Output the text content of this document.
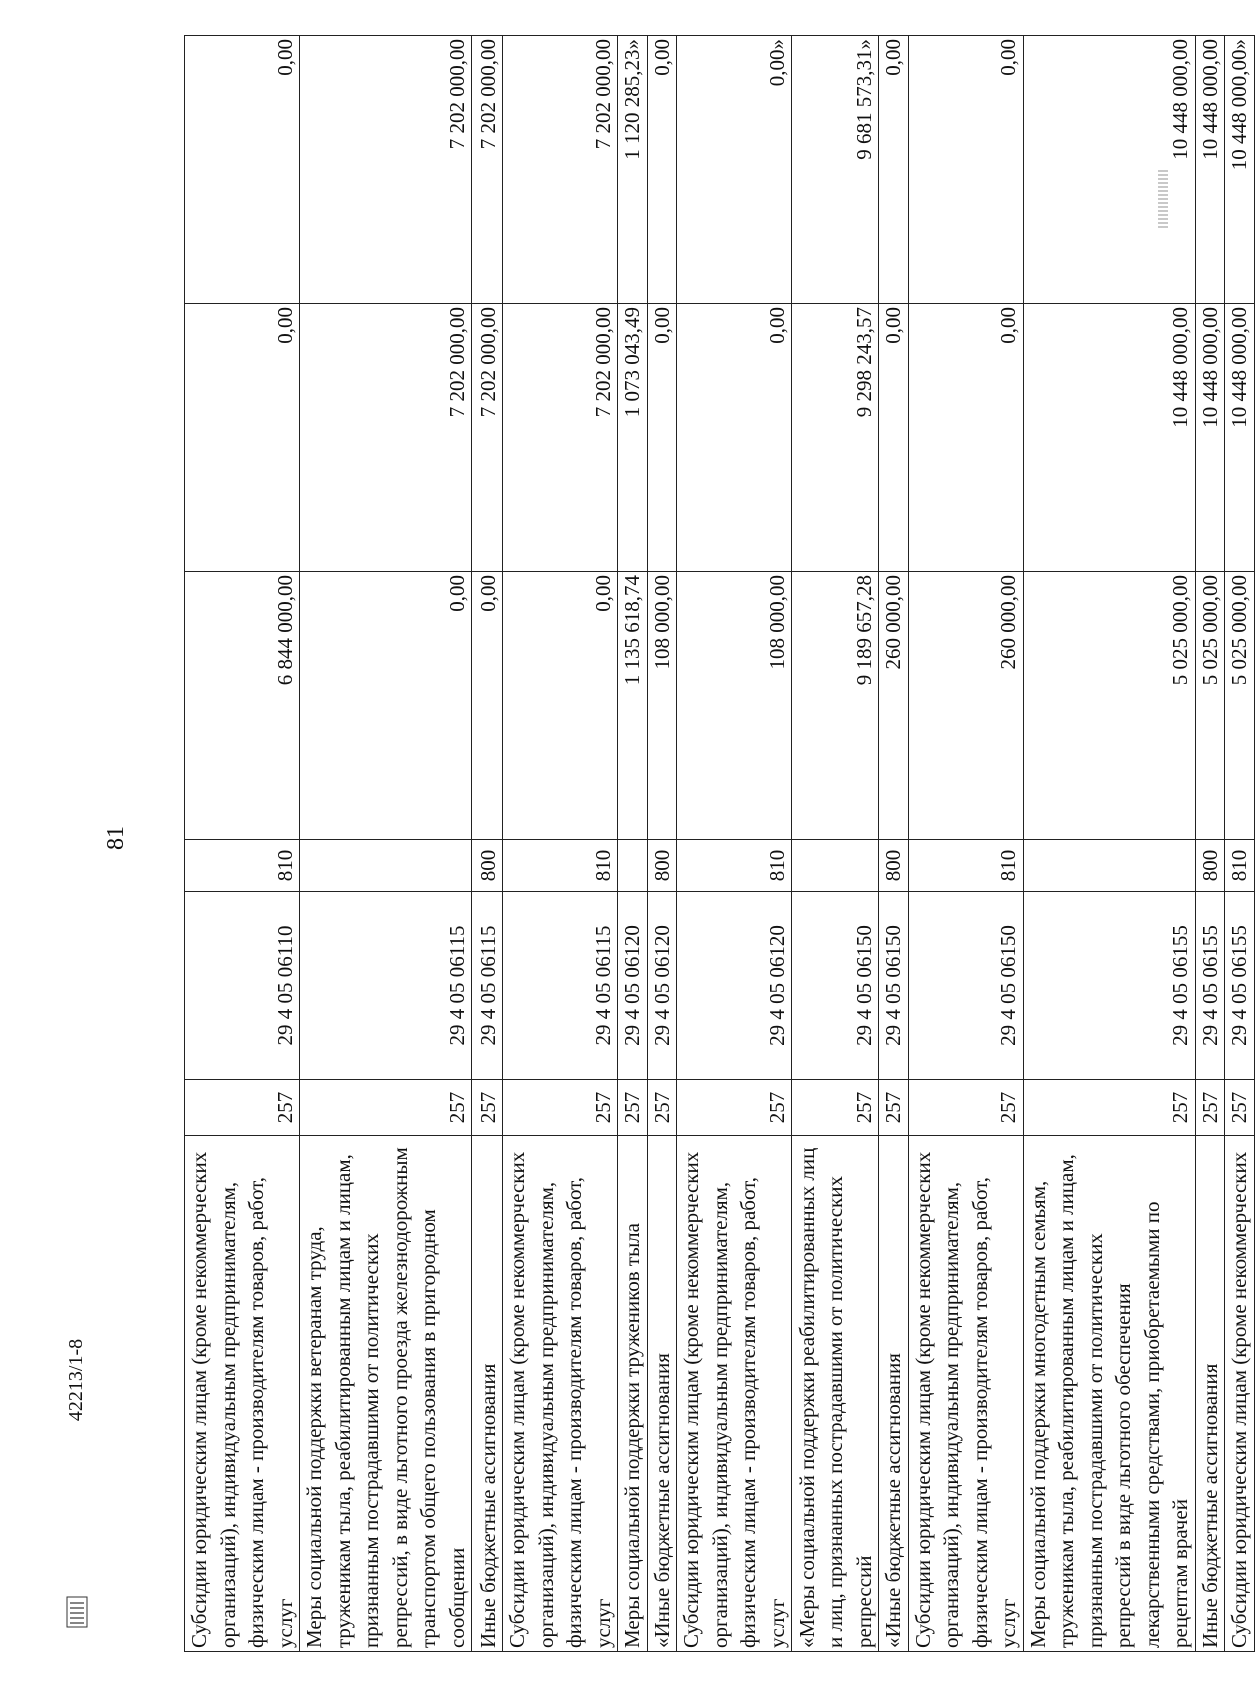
81
42213/1-8	Субсидии юридическим лицам (кроме некоммерческих организаций), индивидуальным предпринимателям, физическим лицам - производителям товаров, работ, услуг	257	29 4 05 06110	810	6 844 000,00	0,00	0,00
Меры социальной поддержки ветеранам труда, труженикам тыла, реабилитированным лицам и лицам, признанным пострадавшими от политических репрессий, в виде льготного проезда железнодорожным транспортом общего пользования в пригородном сообщении	257	29 4 05 06115		0,00	7 202 000,00	7 202 000,00
Иные бюджетные ассигнования	257	29 4 05 06115	800	0,00	7 202 000,00	7 202 000,00
Субсидии юридическим лицам (кроме некоммерческих организаций), индивидуальным предпринимателям, физическим лицам - производителям товаров, работ, услуг	257	29 4 05 06115	810	0,00	7 202 000,00	7 202 000,00
Меры социальной поддержки тружеников тыла	257	29 4 05 06120		1 135 618,74	1 073 043,49	1 120 285,23»
«Иные бюджетные ассигнования	257	29 4 05 06120	800	108 000,00	0,00	0,00
Субсидии юридическим лицам (кроме некоммерческих организаций), индивидуальным предпринимателям, физическим лицам - производителям товаров, работ, услуг	257	29 4 05 06120	810	108 000,00	0,00	0,00»
«Меры социальной поддержки реабилитированных лиц и лиц, признанных пострадавшими от политических репрессий	257	29 4 05 06150		9 189 657,28	9 298 243,57	9 681 573,31»
«Иные бюджетные ассигнования	257	29 4 05 06150	800	260 000,00	0,00	0,00
Субсидии юридическим лицам (кроме некоммерческих организаций), индивидуальным предпринимателям, физическим лицам - производителям товаров, работ, услуг	257	29 4 05 06150	810	260 000,00	0,00	0,00
Меры социальной поддержки многодетным семьям, труженикам тыла, реабилитированным лицам и лицам, признанным пострадавшими от политических репрессий в виде льготного обеспечения лекарственными средствами, приобретаемыми по рецептам врачей	257	29 4 05 06155		5 025 000,00	10 448 000,00	10 448 000,00
Иные бюджетные ассигнования	257	29 4 05 06155	800	5 025 000,00	10 448 000,00	10 448 000,00
Субсидии юридическим лицам (кроме некоммерческих	257	29 4 05 06155	810	5 025 000,00	10 448 000,00	10 448 000,00»
